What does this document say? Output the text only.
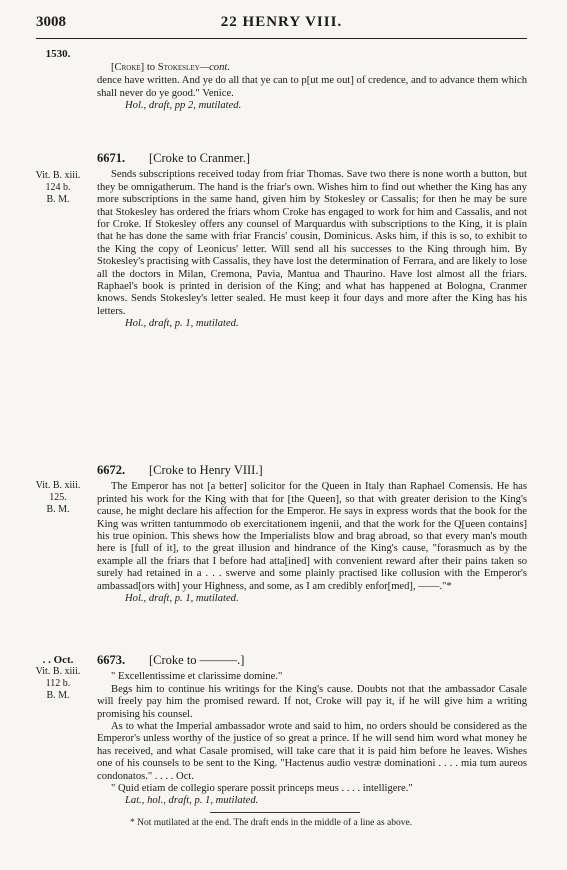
3008	22 HENRY VIII.
1530.
[Croke] to Stokesley—cont.

dence have written. And ye do all that ye can to p[ut me out] of credence, and to advance them which shall never do ye good." Venice.

Hol., draft, pp 2, mutilated.

Vit. B. xiii.
124 b.
B. M.
6671. [Croke to Cranmer.]

Sends subscriptions received today from friar Thomas. Save two there is none worth a button, but they be omnigatherum. The hand is the friar's own. Wishes him to find out whether the King has any more subscriptions in the same hand, given him by Stokesley or Cassalis; for then he may be sure that Stokesley has ordered the friars whom Croke has engaged to work for him and Cassalis, and not for Croke. If Stokesley offers any counsel of Marquardus with subscriptions to the King, it is plain that he has done the same with friar Francis' cousin, Dominicus. Asks him, if this is so, to exhibit to the King the copy of Leonicus' letter. Will send all his successes to the King through him. By Stokesley's practising with Cassalis, they have lost the determination of Ferrara, and are likely to lose all the doctors in Milan, Cremona, Pavia, Mantua and Thaurino. Have lost almost all the friars. Raphael's book is printed in derision of the King; and what has happened at Bologna, Cranmer knows. Sends Stokesley's letter sealed. He must keep it four days and more after the King has his letters.

Hol., draft, p. 1, mutilated.

Vit. B. xiii.
125.
B. M.
6672. [Croke to Henry VIII.]

The Emperor has not [a better] solicitor for the Queen in Italy than Raphael Comensis. He has printed his work for the King with that for [the Queen], so that with greater derision to the King's cause, he might declare his affection for the Emperor. He says in express words that the book for the King was written tantummodo ob exercitationem ingenii, and that the work for the Q[ueen contains] his true opinion. This shews how the Imperialists blow and brag abroad, so that every man's mouth here is [full of it], to the great illusion and hindrance of the King's cause, "forasmuch as by the example all the friars that I before had atta[ined] with convenient reward after their pains taken so surely had retained in a . . . swerve and some plainly practised like collusion with the Emperor's ambassad[ors with] your Highness, and some, as I am credibly enfor[med], ——."*

Hol., draft, p. 1, mutilated.

. . Oct.
Vit. B. xiii.
112 b.
B. M.
6673. [Croke to ———.]

" Excellentissime et clarissime domine."

Begs him to continue his writings for the King's cause. Doubts not that the ambassador Casale will freely pay him the promised reward. If not, Croke will pay it, if he will give him a writing promising his counsel.

As to what the Imperial ambassador wrote and said to him, no orders should be considered as the Emperor's unless worthy of the justice of so great a prince. If he will send him word what money he has received, and what Casale promised, will take care that it is paid him before he leaves. Wishes one of his counsels to be sent to the King. "Hactenus audio vestræ dominationi . . . . mia tum aureos condonatos." . . . . Oct.

" Quid etiam de collegio sperare possit princeps meus . . . . intelligere."

Lat., hol., draft, p. 1, mutilated.

* Not mutilated at the end. The draft ends in the middle of a line as above.
